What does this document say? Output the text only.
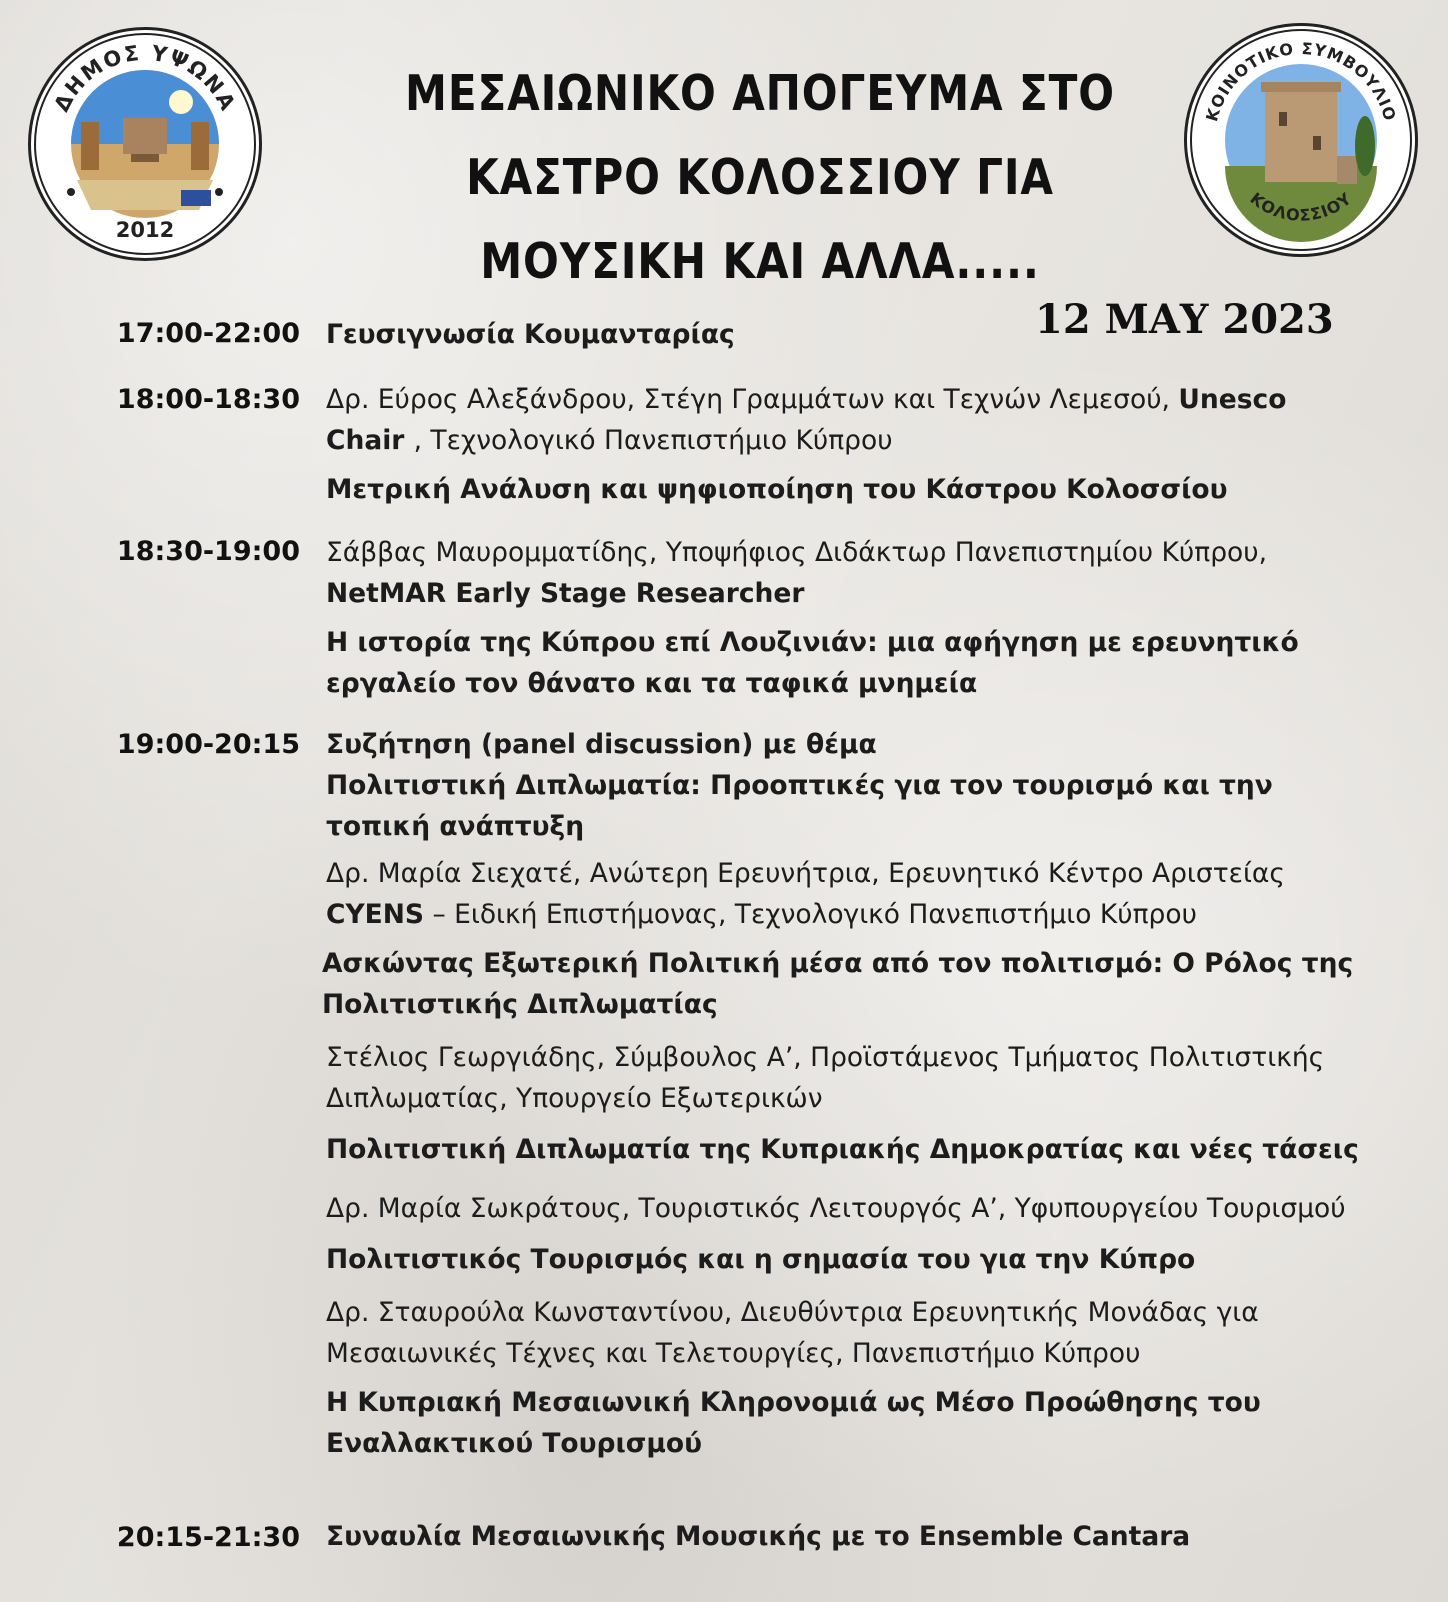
ΔΗΜΟΣ ΥΨΩΝΑ
2012
ΚΟΙΝΟΤΙΚΟ ΣΥΜΒΟΥΛΙΟ
ΚΟΛΟΣΣΙΟΥ
ΜΕΣΑΙΩΝΙΚΟ ΑΠΟΓΕΥΜΑ ΣΤΟ
ΚΑΣΤΡΟ ΚΟΛΟΣΣΙΟΥ ΓΙΑ
ΜΟΥΣΙΚΗ ΚΑΙ ΑΛΛΑ.....
12 ΜΑΥ 2023
17:00-22:00 Γευσιγνωσία Κουμανταρίας

18:00-18:30 Δρ. Εύρος Αλεξάνδρου, Στέγη Γραμμάτων και Τεχνών Λεμεσού, Unesco

Chair , Τεχνολογικό Πανεπιστήμιο Κύπρου

Μετρική Ανάλυση και ψηφιοποίηση του Κάστρου Κολοσσίου

18:30-19:00 Σάββας Μαυρομματίδης, Υποψήφιος Διδάκτωρ Πανεπιστημίου Κύπρου,

NetMAR Early Stage Researcher

Η ιστορία της Κύπρου επί Λουζινιάν: μια αφήγηση με ερευνητικό

εργαλείο τον θάνατο και τα ταφικά μνημεία

19:00-20:15 Συζήτηση (panel discussion) με θέμα

Πολιτιστική Διπλωματία: Προοπτικές για τον τουρισμό και την

τοπική ανάπτυξη

Δρ. Μαρία Σιεχατέ, Ανώτερη Ερευνήτρια, Ερευνητικό Κέντρο Αριστείας

CYENS – Ειδική Επιστήμονας, Τεχνολογικό Πανεπιστήμιο Κύπρου

Ασκώντας Εξωτερική Πολιτική μέσα από τον πολιτισμό: Ο Ρόλος της

Πολιτιστικής Διπλωματίας

Στέλιος Γεωργιάδης, Σύμβουλος Α’, Προϊστάμενος Τμήματος Πολιτιστικής

Διπλωματίας, Υπουργείο Εξωτερικών

Πολιτιστική Διπλωματία της Κυπριακής Δημοκρατίας και νέες τάσεις

Δρ. Μαρία Σωκράτους, Τουριστικός Λειτουργός Α’, Υφυπουργείου Τουρισμού

Πολιτιστικός Τουρισμός και η σημασία του για την Κύπρο

Δρ. Σταυρούλα Κωνσταντίνου, Διευθύντρια Ερευνητικής Μονάδας για

Μεσαιωνικές Τέχνες και Τελετουργίες, Πανεπιστήμιο Κύπρου

Η Κυπριακή Μεσαιωνική Κληρονομιά ως Μέσο Προώθησης του

Εναλλακτικού Τουρισμού

20:15-21:30 Συναυλία Μεσαιωνικής Μουσικής με το Ensemble Cantara
